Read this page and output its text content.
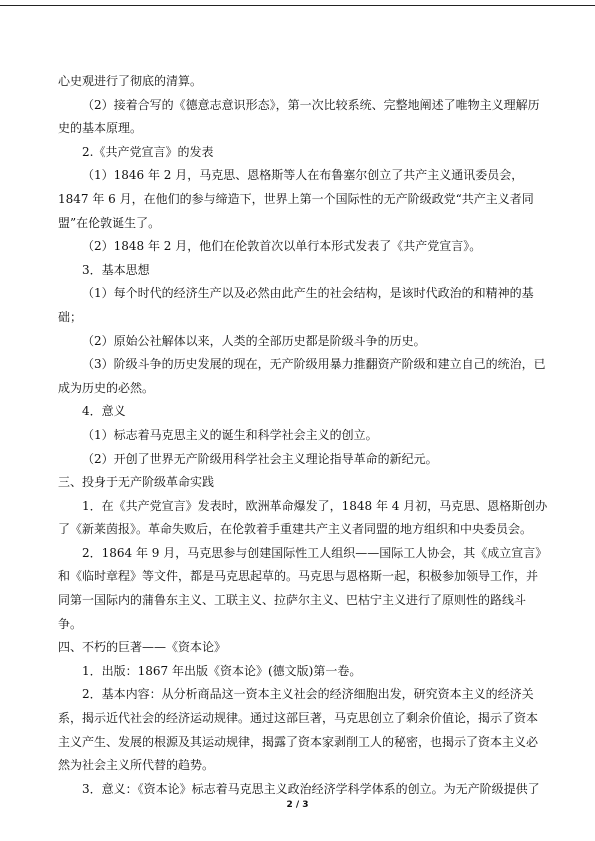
心史观进行了彻底的清算。

（2）接着合写的《德意志意识形态》，第一次比较系统、完整地阐述了唯物主义理解历史的基本原理。

2.《共产党宣言》的发表

（1）1846 年 2 月，马克思、恩格斯等人在布鲁塞尔创立了共产主义通讯委员会，1847 年 6 月，在他们的参与缔造下，世界上第一个国际性的无产阶级政党“共产主义者同盟”在伦敦诞生了。

（2）1848 年 2 月，他们在伦敦首次以单行本形式发表了《共产党宣言》。

3．基本思想

（1）每个时代的经济生产以及必然由此产生的社会结构，是该时代政治的和精神的基础；

（2）原始公社解体以来，人类的全部历史都是阶级斗争的历史。

（3）阶级斗争的历史发展的现在，无产阶级用暴力推翻资产阶级和建立自己的统治，已成为历史的必然。

4．意义

（1）标志着马克思主义的诞生和科学社会主义的创立。

（2）开创了世界无产阶级用科学社会主义理论指导革命的新纪元。

三、投身于无产阶级革命实践

1．在《共产党宣言》发表时，欧洲革命爆发了，1848 年 4 月初，马克思、恩格斯创办了《新莱茵报》。革命失败后，在伦敦着手重建共产主义者同盟的地方组织和中央委员会。

2．1864 年 9 月，马克思参与创建国际性工人组织——国际工人协会，其《成立宣言》和《临时章程》等文件，都是马克思起草的。马克思与恩格斯一起，积极参加领导工作，并同第一国际内的蒲鲁东主义、工联主义、拉萨尔主义、巴枯宁主义进行了原则性的路线斗争。

四、不朽的巨著——《资本论》

1．出版：1867 年出版《资本论》(德文版)第一卷。

2．基本内容：从分析商品这一资本主义社会的经济细胞出发，研究资本主义的经济关系，揭示近代社会的经济运动规律。通过这部巨著，马克思创立了剩余价值论，揭示了资本主义产生、发展的根源及其运动规律，揭露了资本家剥削工人的秘密，也揭示了资本主义必然为社会主义所代替的趋势。

3．意义：《资本论》标志着马克思主义政治经济学科学体系的创立。为无产阶级提供了

2 / 3
